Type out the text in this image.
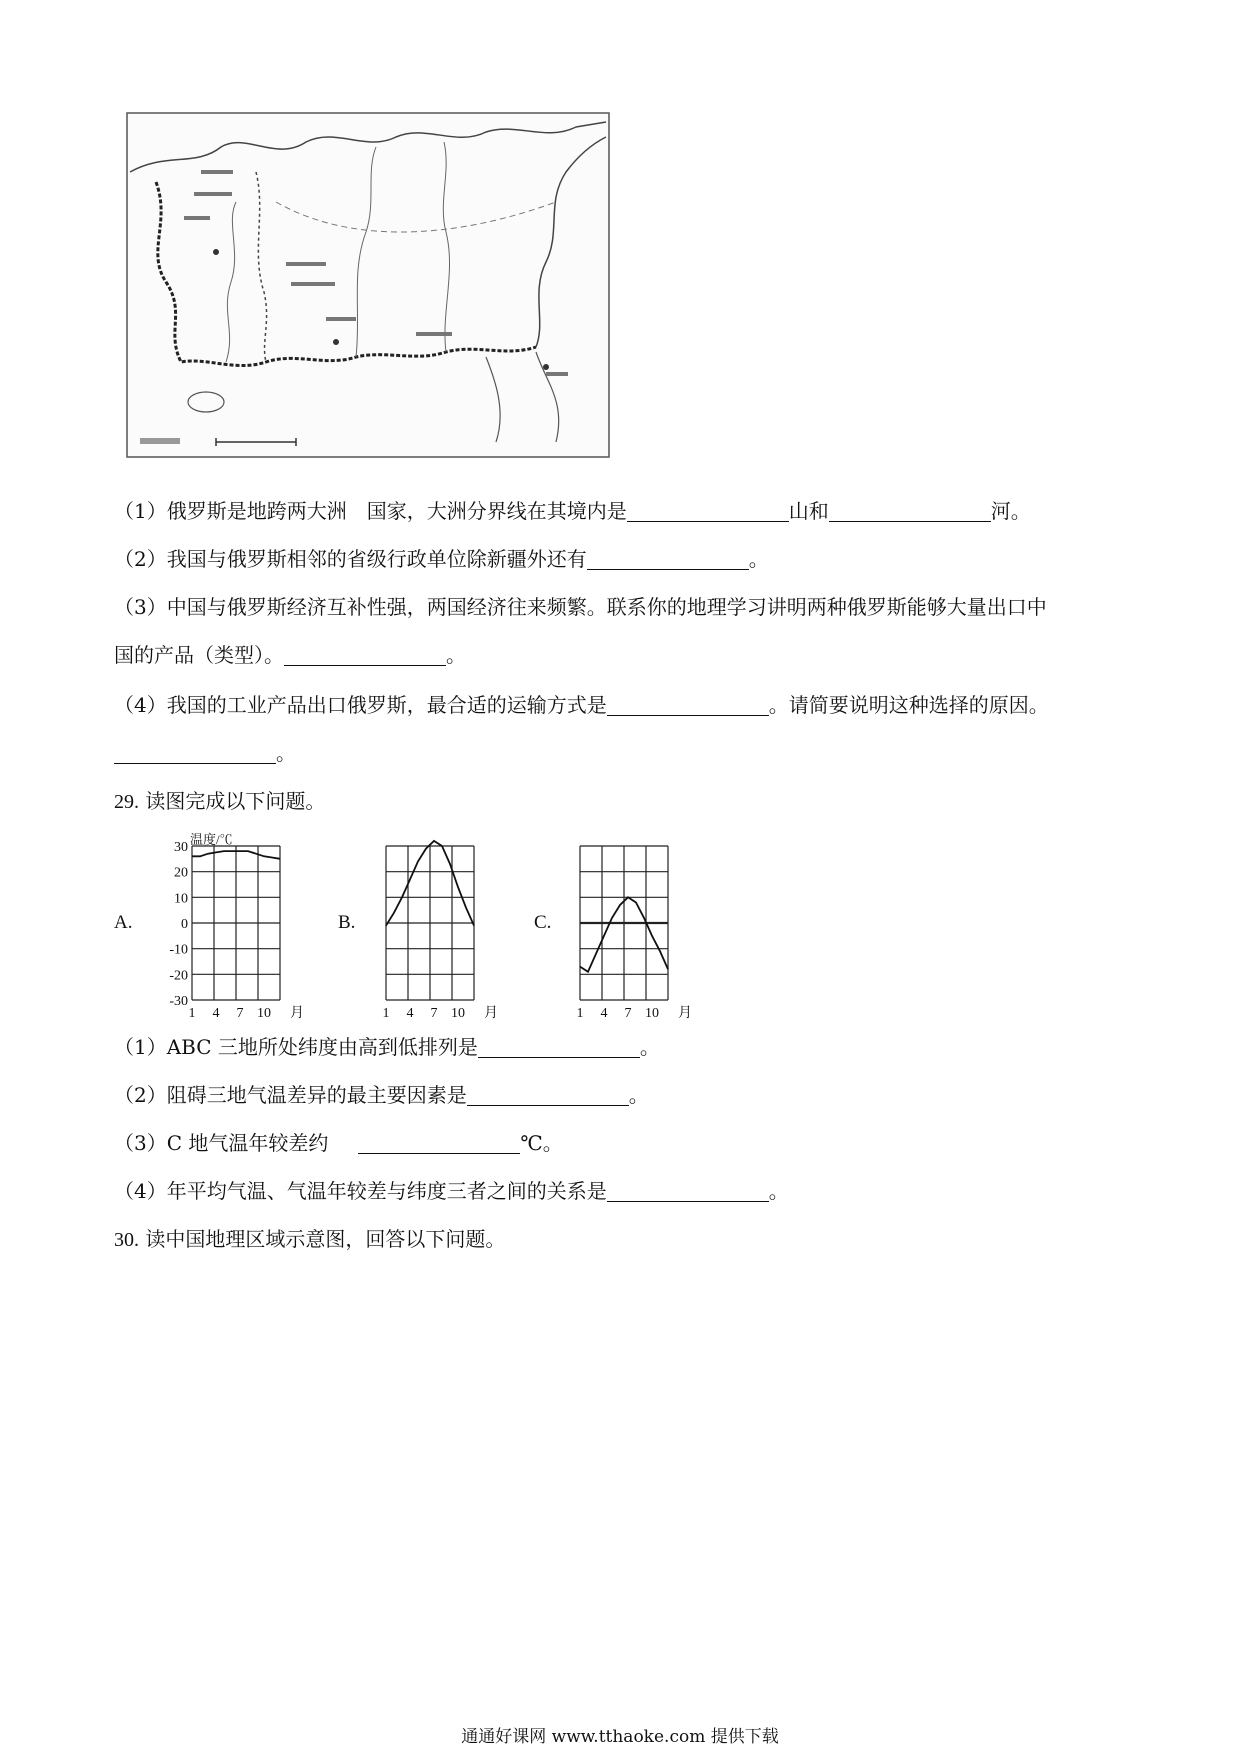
（1）俄罗斯是地跨两大洲　国家，大洲分界线在其境内是	山和	河。
（2）我国与俄罗斯相邻的省级行政单位除新疆外还有	。
（3）中国与俄罗斯经济互补性强，两国经济往来频繁。联系你的地理学习讲明两种俄罗斯能够大量出口中
国的产品（类型）。	。
（4）我国的工业产品出口俄罗斯，最合适的运输方式是	。请简要说明这种选择的原因。
。
29. 读图完成以下问题。
A.
30
20
10
0
-10
-20
-30
温度/℃
1 4 7 10 月
B.
1 4 7 10 月
C.
1 4 7 10 月
（1）ABC 三地所处纬度由高到低排列是	。
（2）阻碍三地气温差异的最主要因素是	。
（3）C 地气温年较差约	℃。
（4）年平均气温、气温年较差与纬度三者之间的关系是	。
30. 读中国地理区域示意图，回答以下问题。
通通好课网 www.tthaoke.com 提供下载
